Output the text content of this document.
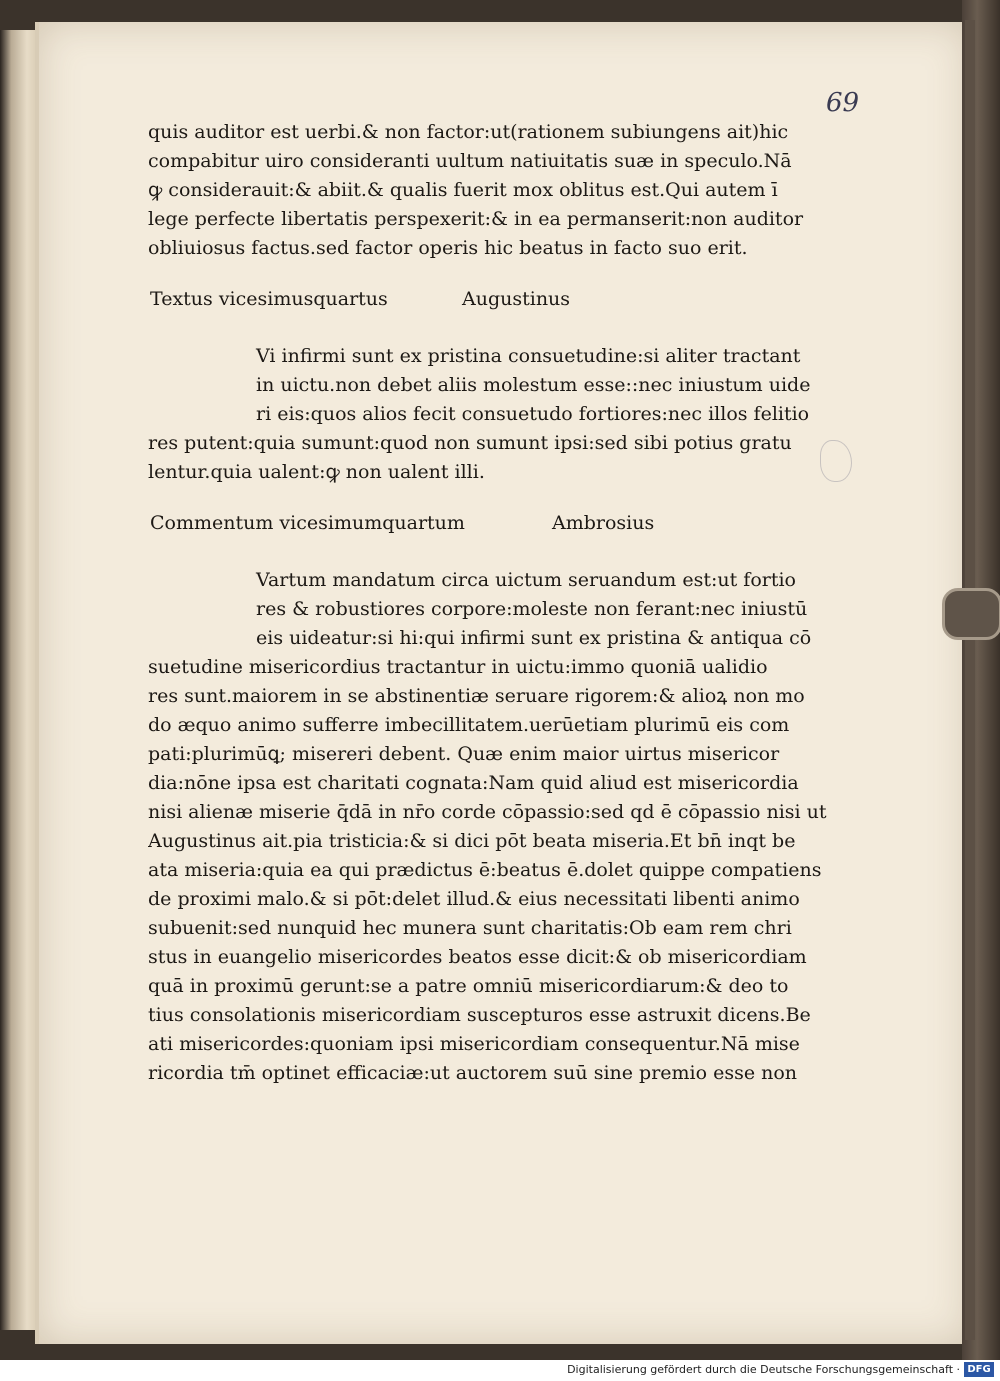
69
quis auditor est uerbi.& non factor:ut(rationem subiungens ait)hic
compabitur uiro consideranti uultum natiuitatis suæ in speculo.Nā
ꝙ considerauit:& abiit.& qualis fuerit mox oblitus est.Qui autem ī
lege perfecte libertatis perspexerit:& in ea permanserit:non auditor
obliuiosus factus.sed factor operis hic beatus in facto suo erit.
Textus vicesimusquartus	Augustinus
Vi infirmi sunt ex pristina consuetudine:si aliter tractant
in uictu.non debet aliis molestum esse::nec iniustum uide
ri eis:quos alios fecit consuetudo fortiores:nec illos felitio
res putent:quia sumunt:quod non sumunt ipsi:sed sibi potius gratu
lentur.quia ualent:ꝙ non ualent illi.
Commentum vicesimumquartum	Ambrosius
Vartum mandatum circa uictum seruandum est:ut fortio
res & robustiores corpore:moleste non ferant:nec iniustū
eis uideatur:si hi:qui infirmi sunt ex pristina & antiqua cō
suetudine misericordius tractantur in uictu:immo quoniā ualidio
res sunt.maiorem in se abstinentiæ seruare rigorem:& alioꝝ non mo
do æquo animo sufferre imbecillitatem.uerūetiam plurimū eis com
pati:plurimūꝗ; misereri debent. Quæ enim maior uirtus misericor
dia:nōne ipsa est charitati cognata:Nam quid aliud est misericordia
nisi alienæ miserie q̄dā in nr̄o corde cōpassio:sed qd ē cōpassio nisi ut
Augustinus ait.pia tristicia:& si dici pōt beata miseria.Et bn̄ inqt be
ata miseria:quia ea qui prædictus ē:beatus ē.dolet quippe compatiens
de proximi malo.& si pōt:delet illud.& eius necessitati libenti animo
subuenit:sed nunquid hec munera sunt charitatis:Ob eam rem chri
stus in euangelio misericordes beatos esse dicit:& ob misericordiam
quā in proximū gerunt:se a patre omniū misericordiarum:& deo to
tius consolationis misericordiam suscepturos esse astruxit dicens.Be
ati misericordes:quoniam ipsi misericordiam consequentur.Nā mise
ricordia tm̄ optinet efficaciæ:ut auctorem suū sine premio esse non
Digitalisierung gefördert durch die Deutsche Forschungsgemeinschaft · DFG
